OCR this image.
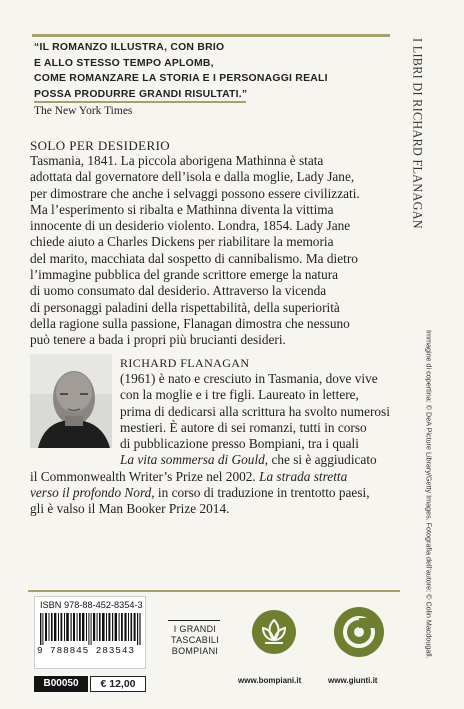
“IL ROMANZO ILLUSTRA, CON BRIO
E ALLO STESSO TEMPO APLOMB,
COME ROMANZARE LA STORIA E I PERSONAGGI REALI
POSSA PRODURRE GRANDI RISULTATI.”
The New York Times	I LIBRI DI RICHARD FLANAGAN
SOLO PER DESIDERIO
Tasmania, 1841. La piccola aborigena Mathinna è stata
adottata dal governatore dell’isola e dalla moglie, Lady Jane,
per dimostrare che anche i selvaggi possono essere civilizzati.
Ma l’esperimento si ribalta e Mathinna diventa la vittima
innocente di un desiderio violento. Londra, 1854. Lady Jane
chiede aiuto a Charles Dickens per riabilitare la memoria
del marito, macchiata dal sospetto di cannibalismo. Ma dietro
l’immagine pubblica del grande scrittore emerge la natura
di uomo consumato dal desiderio. Attraverso la vicenda
di personaggi paladini della rispettabilità, della superiorità
della ragione sulla passione, Flanagan dimostra che nessuno
può tenere a bada i propri più brucianti desideri.
RICHARD FLANAGAN
(1961) è nato e cresciuto in Tasmania, dove vive
con la moglie e i tre figli. Laureato in lettere,
prima di dedicarsi alla scrittura ha svolto numerosi
mestieri. È autore di sei romanzi, tutti in corso
di pubblicazione presso Bompiani, tra i quali
La vita sommersa di Gould, che si è aggiudicato
il Commonwealth Writer’s Prize nel 2002. La strada stretta
verso il profondo Nord, in corso di traduzione in trentotto paesi,
gli è valso il Man Booker Prize 2014.	Immagine di copertina: © DeA Picture Library/Getty Images. Fotografia dell’autore: © Colin Macdougall.
ISBN 978-88-452-8354-3
9 788845 283543
B00050	€ 12,00
I GRANDI
TASCABILI
BOMPIANI
www.bompiani.it	www.giunti.it
